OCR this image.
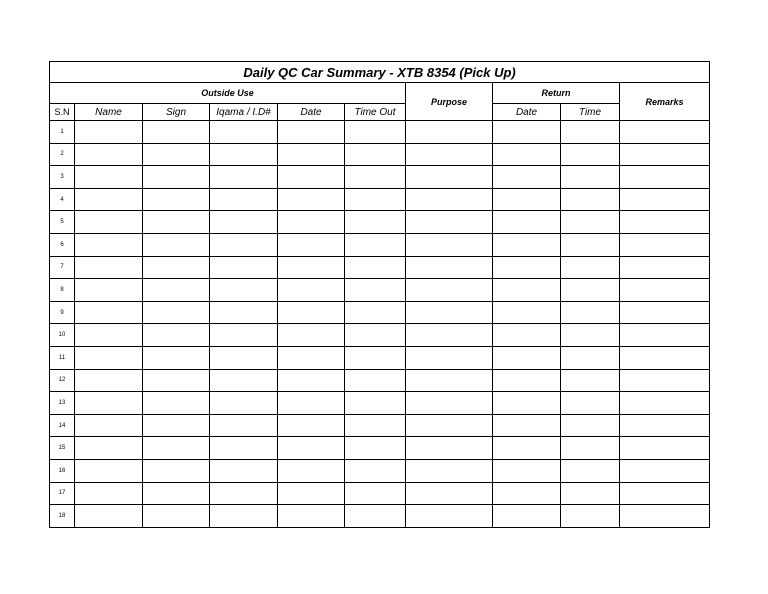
Daily QC Car Summary - XTB 8354 (Pick Up)									
Outside Use						Purpose	Return		Remarks
S.N	Name	Sign	Iqama / I.D#	Date	Time Out		Date	Time	
1									
2									
3									
4									
5									
6									
7									
8									
9									
10									
11									
12									
13									
14									
15									
16									
17									
18									
